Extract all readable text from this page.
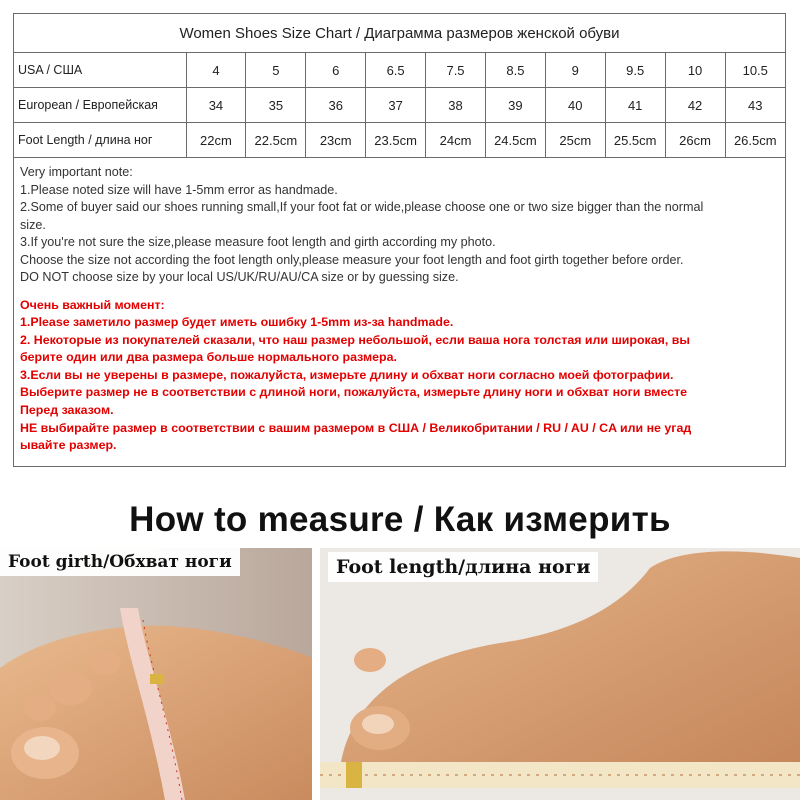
Women Shoes Size Chart / Диаграмма размеров женской обуви										
USA / США	4	5	6	6.5	7.5	8.5	9	9.5	10	10.5
European / Европейская	34	35	36	37	38	39	40	41	42	43
Foot Length / длина ног	22cm	22.5cm	23cm	23.5cm	24cm	24.5cm	25cm	25.5cm	26cm	26.5cm

Very important note:

1.Please noted size will have 1-5mm error as handmade.

2.Some of buyer said our shoes running small,If your foot fat or wide,please choose one or two size bigger than the normal

size.

3.If you're not sure the size,please measure foot length and girth according my photo.

Choose the size not according the foot length only,please measure your foot length and foot girth together before order.

DO NOT choose size by your local US/UK/RU/AU/CA size or by guessing size.

Очень важный момент:

1.Please заметило размер будет иметь ошибку 1-5mm из-за handmade.

2. Некоторые из покупателей сказали, что наш размер небольшой, если ваша нога толстая или широкая, вы

берите один или два размера больше нормального размера.

3.Если вы не уверены в размере, пожалуйста, измерьте длину и обхват ноги согласно моей фотографии.

Выберите размер не в соответствии с длиной ноги, пожалуйста, измерьте длину ноги и обхват ноги вместе

Перед заказом.

НЕ выбирайте размер в соответствии с вашим размером в США / Великобритании / RU / AU / CA или не угад

ывайте размер.

How to measure / Как измерить
Foot girth/Обхват ноги	Foot length/длина ноги
